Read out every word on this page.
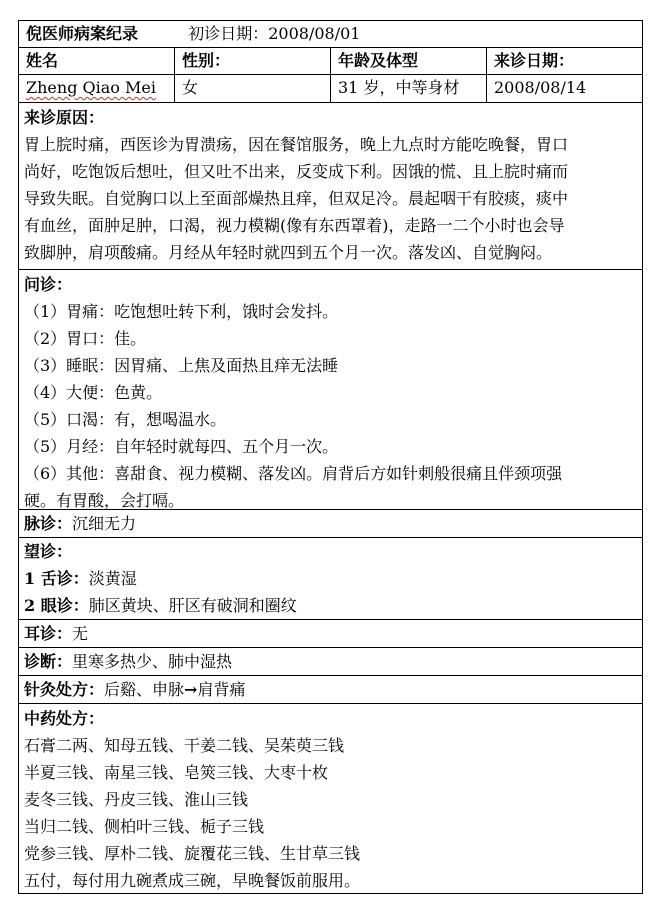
倪医师病案纪录	初诊日期：2008/08/01
姓名	性别：	年龄及体型	来诊日期：
Zheng Qiao Mei	女	31 岁，中等身材	2008/08/14
来诊原因：
胃上脘时痛，西医诊为胃溃疡，因在餐馆服务，晚上九点时方能吃晚餐，胃口
尚好，吃饱饭后想吐，但又吐不出来，反变成下利。因饿的慌、且上脘时痛而
导致失眠。自觉胸口以上至面部燥热且痒，但双足冷。晨起咽干有胶痰，痰中
有血丝，面肿足肿，口渴，视力模糊(像有东西罩着)，走路一二个小时也会导
致脚肿，肩项酸痛。月经从年轻时就四到五个月一次。落发凶、自觉胸闷。
问诊：
（1）胃痛：吃饱想吐转下利，饿时会发抖。
（2）胃口：佳。
（3）睡眠：因胃痛、上焦及面热且痒无法睡
（4）大便：色黄。
（5）口渴：有，想喝温水。
（5）月经：自年轻时就每四、五个月一次。
（6）其他：喜甜食、视力模糊、落发凶。肩背后方如针刺般很痛且伴颈项强
硬。有胃酸，会打嗝。
脉诊：沉细无力
望诊：
1 舌诊：淡黄湿
2 眼诊：肺区黄块、肝区有破洞和圈纹
耳诊：无
诊断：里寒多热少、肺中湿热
针灸处方：后谿、申脉→肩背痛
中药处方：
石膏二两、知母五钱、干姜二钱、吴茱萸三钱
半夏三钱、南星三钱、皂筴三钱、大枣十枚
麦冬三钱、丹皮三钱、淮山三钱
当归二钱、侧柏叶三钱、栀子三钱
党参三钱、厚朴二钱、旋覆花三钱、生甘草三钱
五付，每付用九碗煮成三碗，早晚餐饭前服用。
